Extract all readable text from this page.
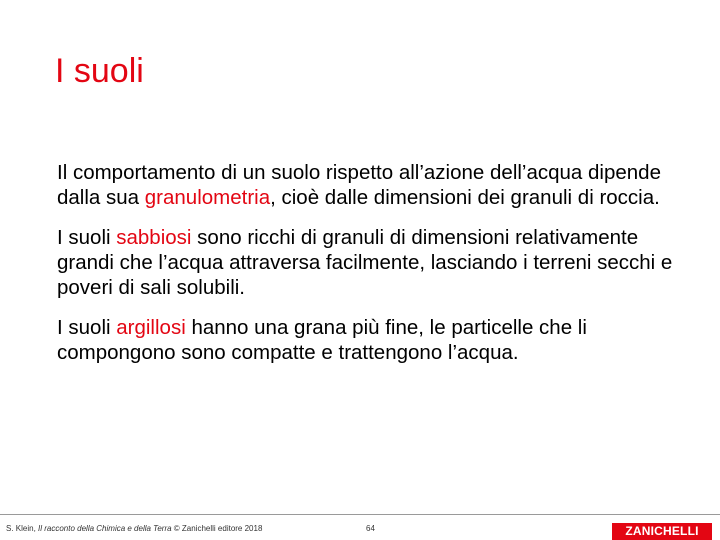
I suoli

Il comportamento di un suolo rispetto all’azione dell’acqua dipende dalla sua granulometria, cioè dalle dimensioni dei granuli di roccia.

I suoli sabbiosi sono ricchi di granuli di dimensioni relativamente grandi che l’acqua attraversa facilmente, lasciando i terreni secchi e poveri di sali solubili.

I suoli argillosi hanno una grana più fine, le particelle che li compongono sono compatte e trattengono l’acqua.

S. Klein, Il racconto della Chimica e della Terra © Zanichelli editore 2018	64	ZANICHELLI
